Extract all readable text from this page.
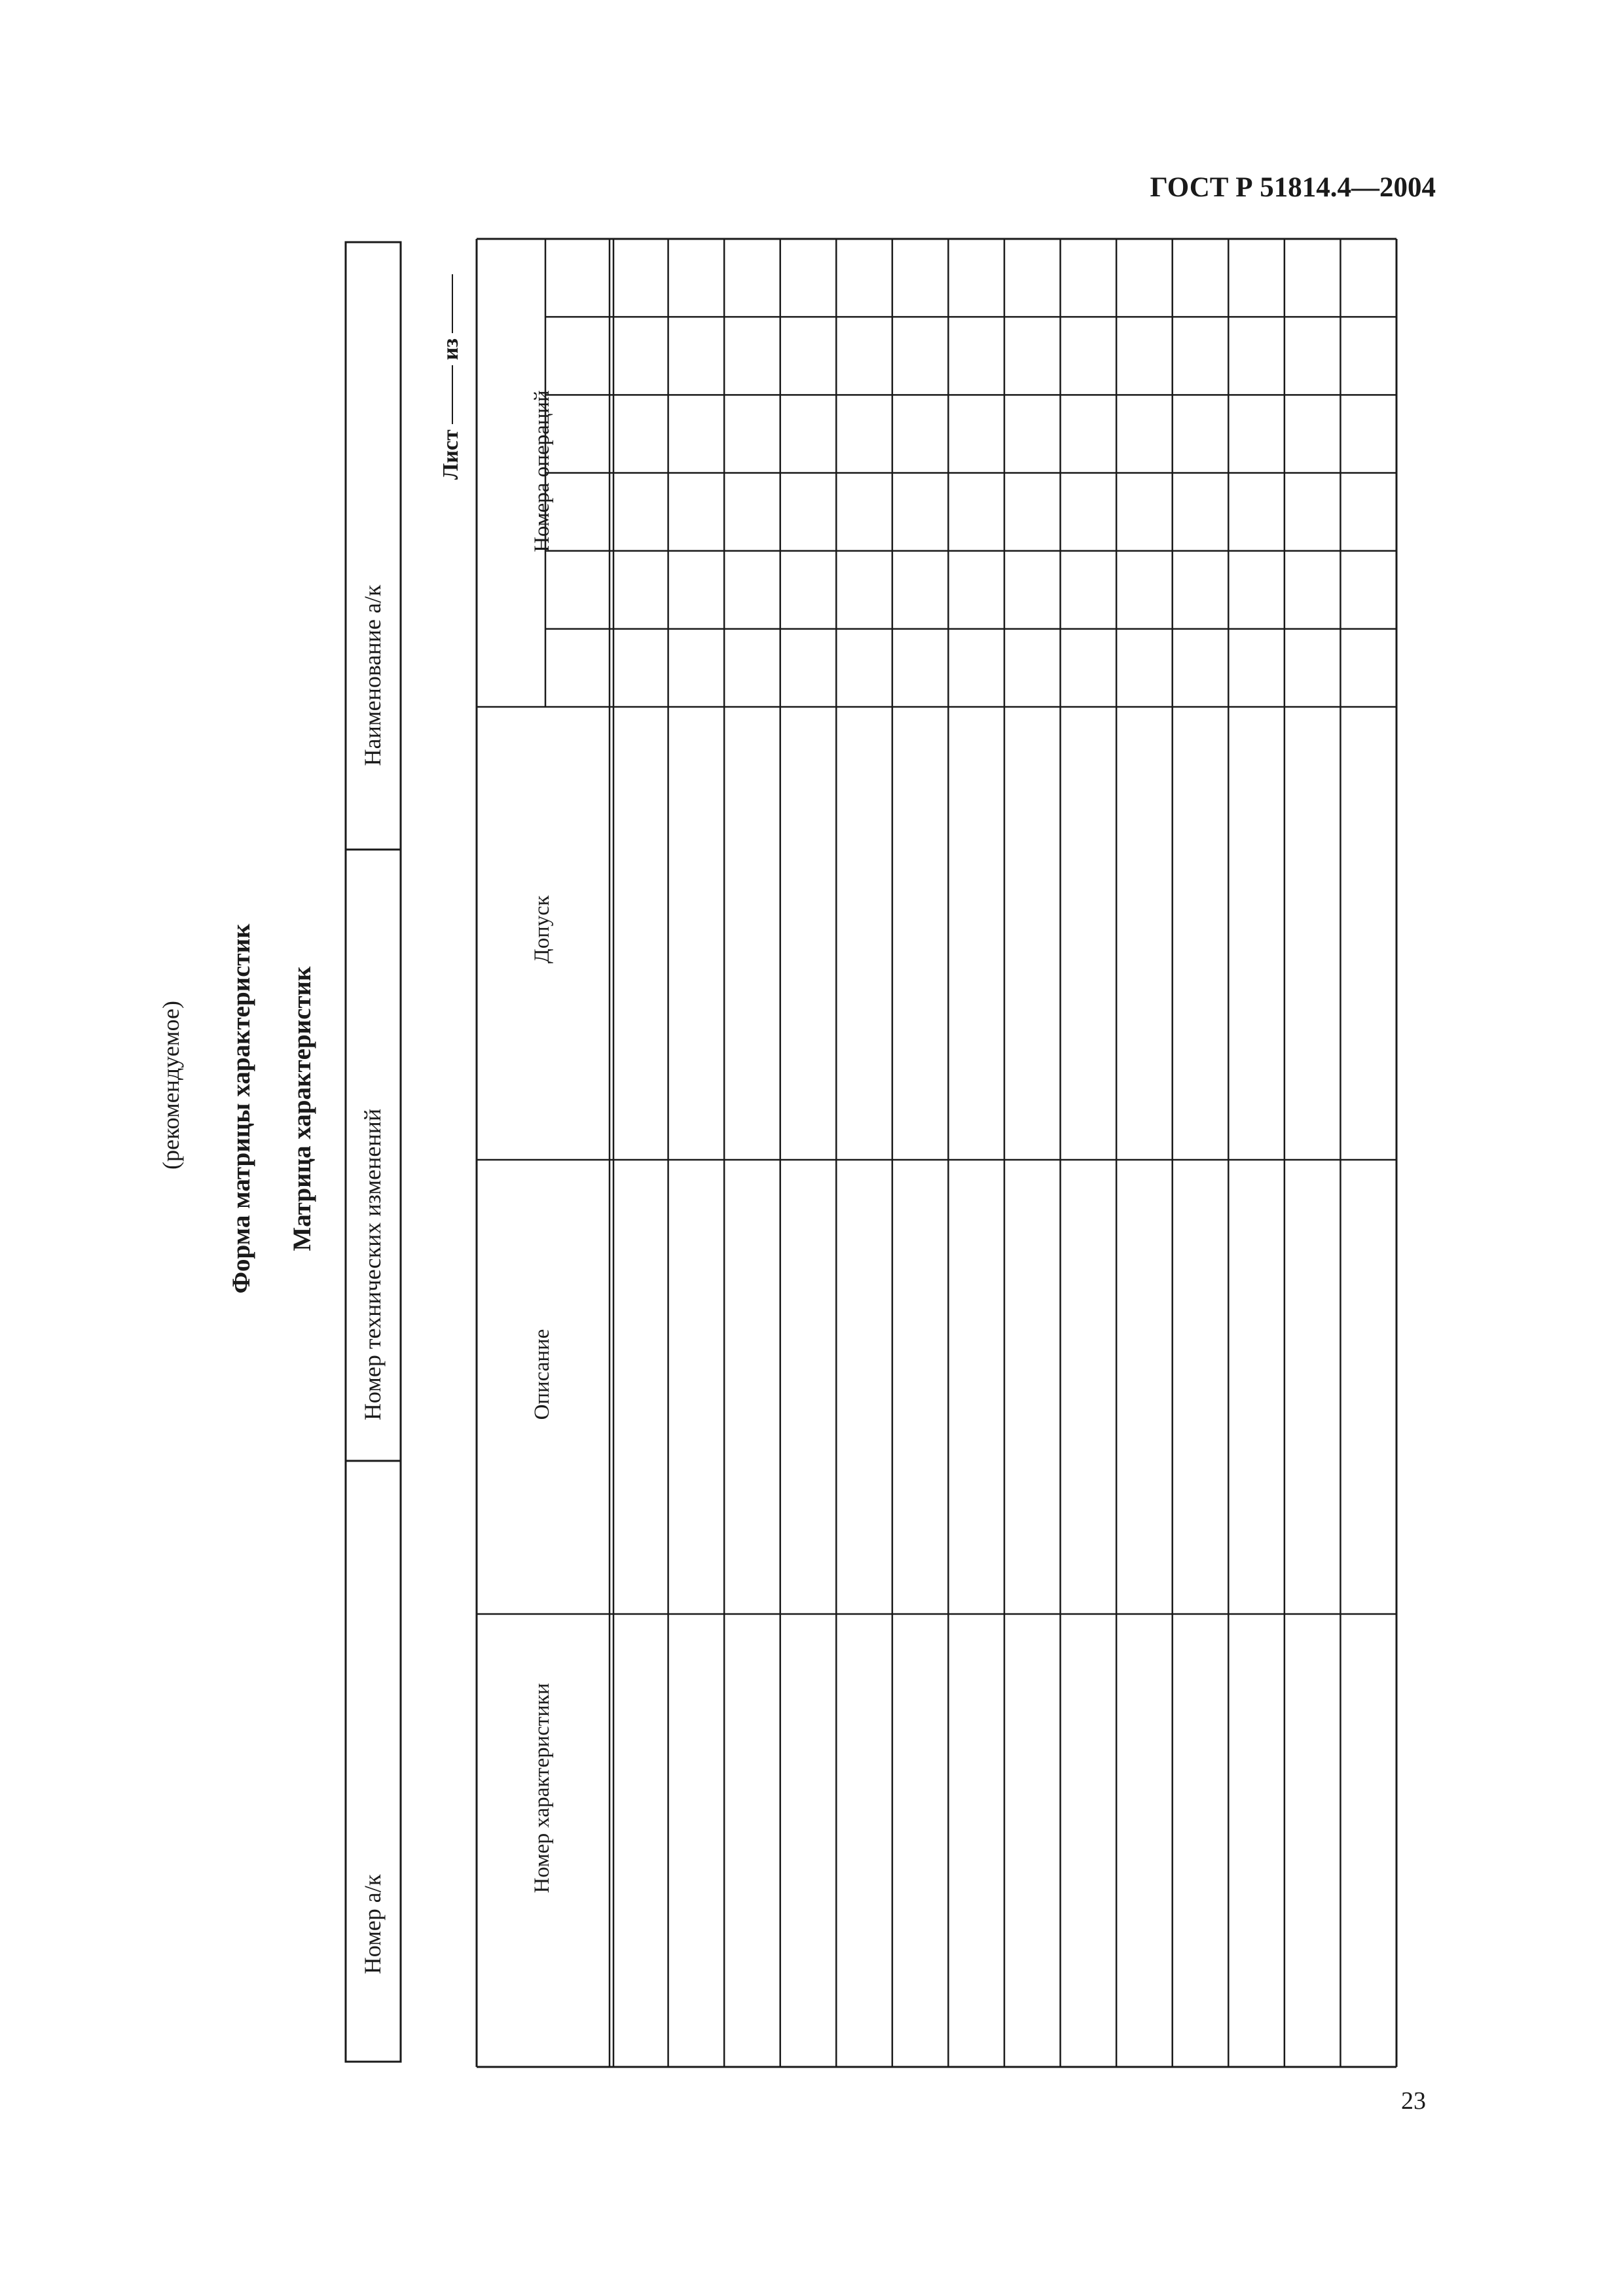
ГОСТ Р 51814.4—2004
23
(рекомендуемое) Форма матрицы характеристик Матрица характеристик
Номер а/к
Номер технических изменений
Наименование а/к
Листиз
Номер характеристики
Описание
Допуск
Номера операций
